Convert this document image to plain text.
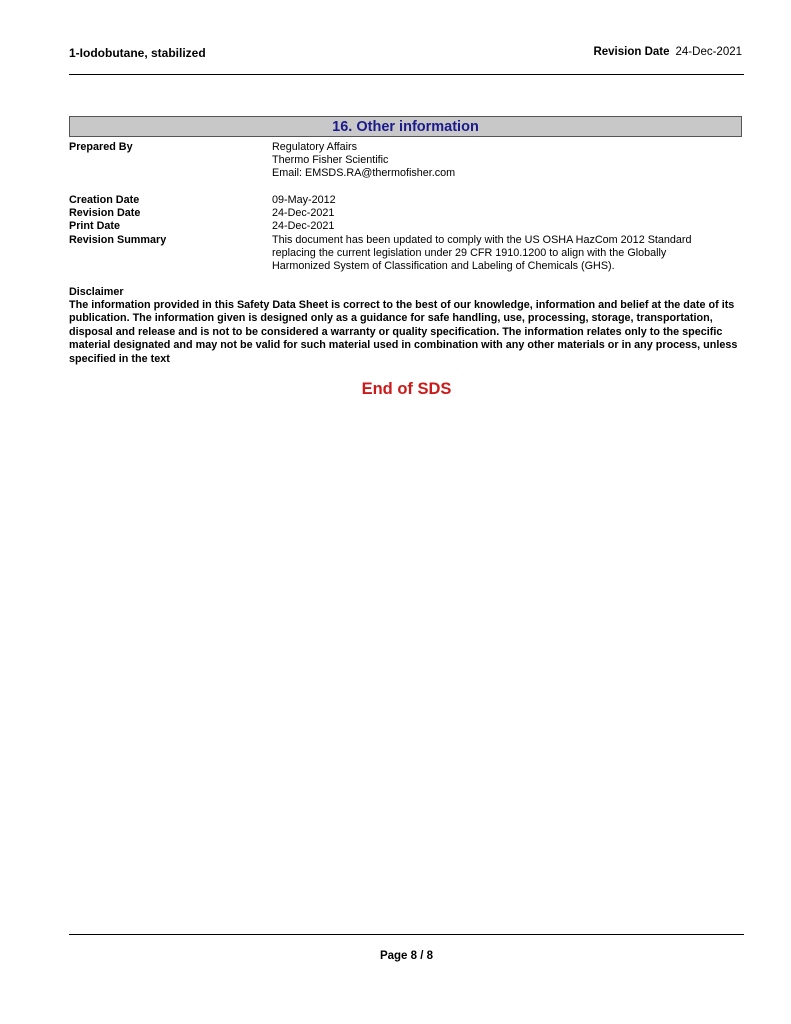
1-Iodobutane, stabilized	Revision Date 24-Dec-2021
16. Other information
Prepared By	Regulatory Affairs
Thermo Fisher Scientific
Email: EMSDS.RA@thermofisher.com
Creation Date	09-May-2012
Revision Date	24-Dec-2021
Print Date	24-Dec-2021
Revision Summary	This document has been updated to comply with the US OSHA HazCom 2012 Standard
replacing the current legislation under 29 CFR 1910.1200 to align with the Globally
Harmonized System of Classification and Labeling of Chemicals (GHS).
Disclaimer
The information provided in this Safety Data Sheet is correct to the best of our knowledge, information and belief at the date of its publication. The information given is designed only as a guidance for safe handling, use, processing, storage, transportation, disposal and release and is not to be considered a warranty or quality specification. The information relates only to the specific material designated and may not be valid for such material used in combination with any other materials or in any process, unless specified in the text
End of SDS
Page 8 / 8
